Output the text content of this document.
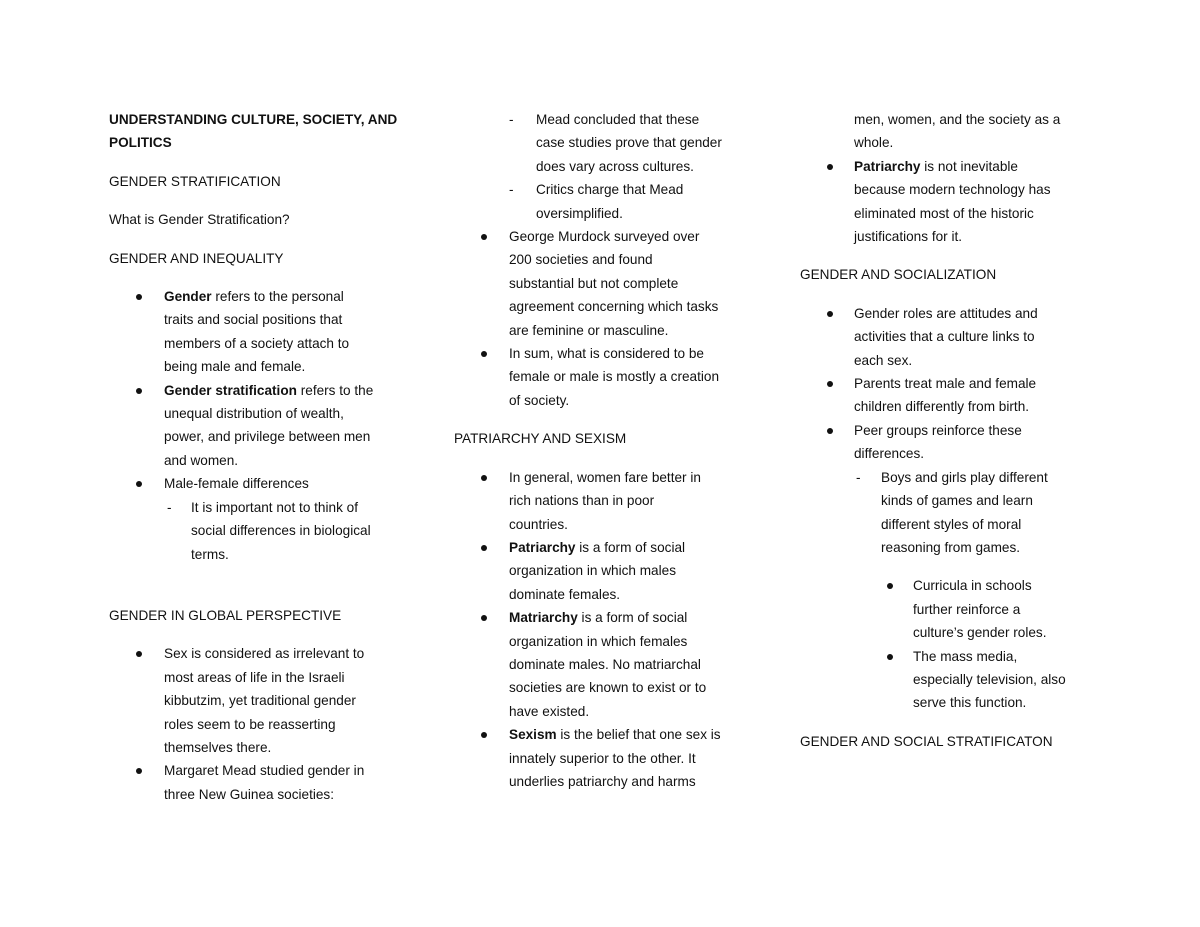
UNDERSTANDING CULTURE, SOCIETY, AND
POLITICS
GENDER STRATIFICATION
What is Gender Stratification?
GENDER AND INEQUALITY
Gender refers to the personal
traits and social positions that
members of a society attach to
being male and female.
Gender stratification refers to the
unequal distribution of wealth,
power, and privilege between men
and women.
Male-female differences
- It is important not to think of
social differences in biological
terms.
GENDER IN GLOBAL PERSPECTIVE
Sex is considered as irrelevant to
most areas of life in the Israeli
kibbutzim, yet traditional gender
roles seem to be reasserting
themselves there.
Margaret Mead studied gender in
three New Guinea societies:
- Mead concluded that these
case studies prove that gender
does vary across cultures.
- Critics charge that Mead
oversimplified.
George Murdock surveyed over
200 societies and found
substantial but not complete
agreement concerning which tasks
are feminine or masculine.
In sum, what is considered to be
female or male is mostly a creation
of society.
PATRIARCHY AND SEXISM
In general, women fare better in
rich nations than in poor
countries.
Patriarchy is a form of social
organization in which males
dominate females.
Matriarchy is a form of social
organization in which females
dominate males. No matriarchal
societies are known to exist or to
have existed.
Sexism is the belief that one sex is
innately superior to the other. It
underlies patriarchy and harms
men, women, and the society as a
whole.
Patriarchy is not inevitable
because modern technology has
eliminated most of the historic
justifications for it.
GENDER AND SOCIALIZATION
Gender roles are attitudes and
activities that a culture links to
each sex.
Parents treat male and female
children differently from birth.
Peer groups reinforce these
differences.
- Boys and girls play different
kinds of games and learn
different styles of moral
reasoning from games.
Curricula in schools
further reinforce a
culture’s gender roles.
The mass media,
especially television, also
serve this function.
GENDER AND SOCIAL STRATIFICATON
